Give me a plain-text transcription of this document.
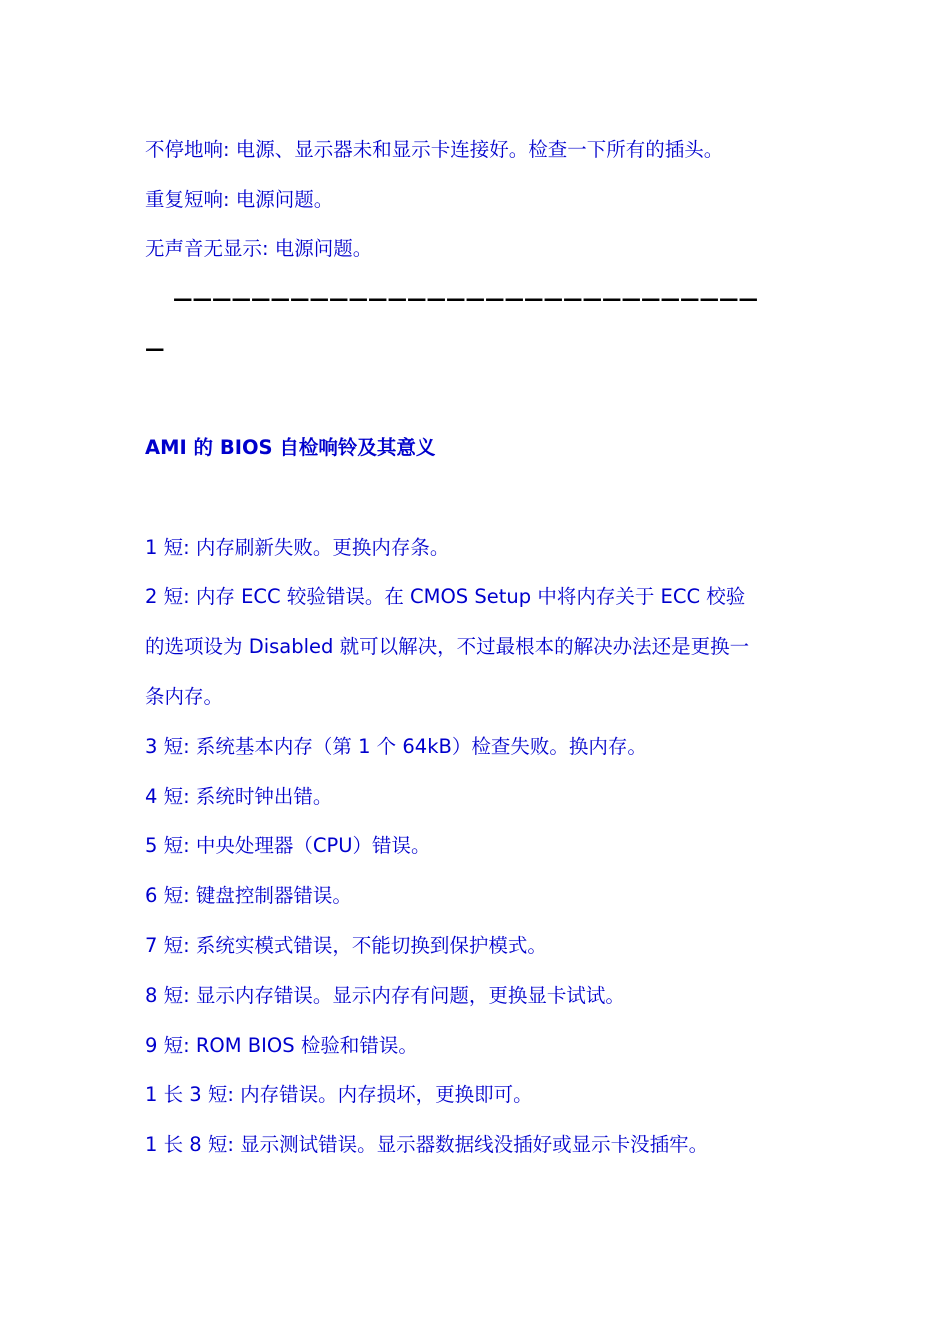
不停地响: 电源、显示器未和显示卡连接好。检查一下所有的插头。
重复短响: 电源问题。
无声音无显示: 电源问题。
——————————————————————————————
—
AMI 的 BIOS 自检响铃及其意义
1 短: 内存刷新失败。更换内存条。
2 短: 内存 ECC 较验错误。在 CMOS Setup 中将内存关于 ECC 校验
的选项设为 Disabled 就可以解决，不过最根本的解决办法还是更换一
条内存。
3 短: 系统基本内存（第 1 个 64kB）检查失败。换内存。
4 短: 系统时钟出错。
5 短: 中央处理器（CPU）错误。
6 短: 键盘控制器错误。
7 短: 系统实模式错误，不能切换到保护模式。
8 短: 显示内存错误。显示内存有问题，更换显卡试试。
9 短: ROM BIOS 检验和错误。
1 长 3 短: 内存错误。内存损坏，更换即可。
1 长 8 短: 显示测试错误。显示器数据线没插好或显示卡没插牢。
